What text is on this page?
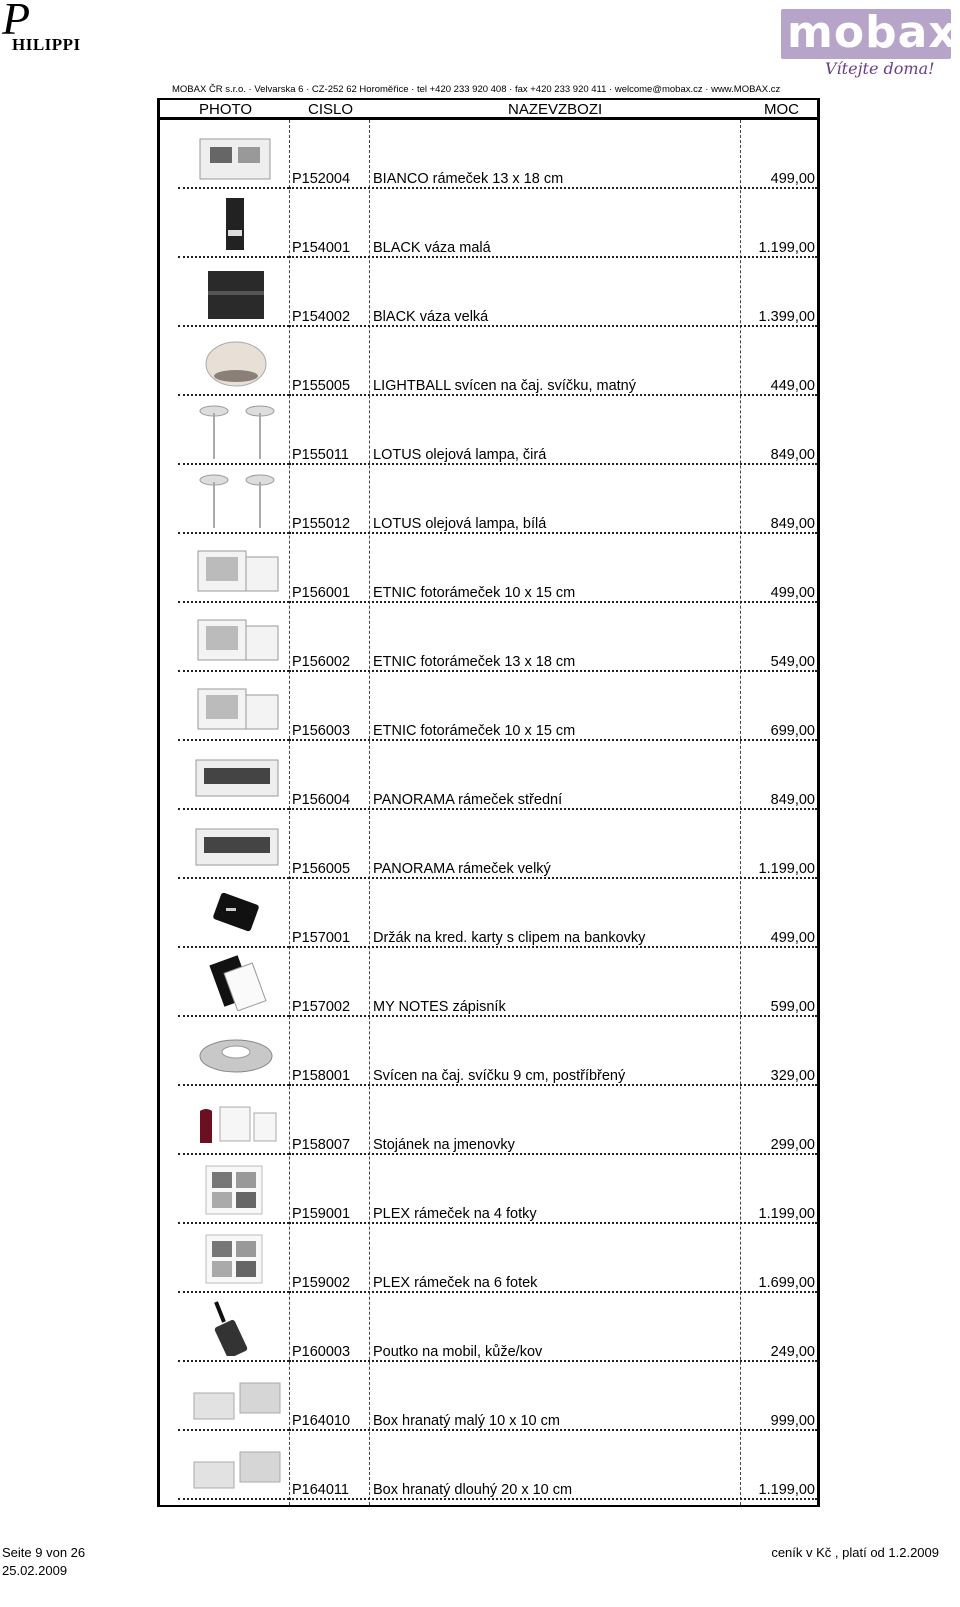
P
HILIPPI	mobax
Vítejte doma!
MOBAX ČR s.r.o. · Velvarska 6 · CZ-252 62 Horoměřice · tel +420 233 920 408 · fax +420 233 920 411 · welcome@mobax.cz · www.MOBAX.cz
PHOTO	CISLO	NAZEVZBOZI	MOC
P152004 BIANCO rámeček 13 x 18 cm	499,00
P154001 BLACK váza malá	1.199,00
P154002 BlACK váza velká	1.399,00
P155005 LIGHTBALL svícen na čaj. svíčku, matný	449,00
P155011 LOTUS olejová lampa, čirá	849,00
P155012 LOTUS olejová lampa, bílá	849,00
P156001 ETNIC fotorámeček 10 x 15 cm	499,00
P156002 ETNIC fotorámeček 13 x 18 cm	549,00
P156003 ETNIC fotorámeček 10 x 15 cm	699,00
P156004 PANORAMA rámeček střední	849,00
P156005 PANORAMA rámeček velký	1.199,00
P157001 Držák na kred. karty s clipem na bankovky	499,00
P157002 MY NOTES zápisník	599,00
P158001 Svícen na čaj. svíčku 9 cm, postříbřený	329,00
P158007 Stojánek na jmenovky	299,00
P159001 PLEX rámeček na 4 fotky	1.199,00
P159002 PLEX rámeček na 6 fotek	1.699,00
P160003 Poutko na mobil, kůže/kov	249,00
P164010 Box hranatý malý 10 x 10 cm	999,00
P164011 Box hranatý dlouhý 20 x 10 cm	1.199,00
Seite 9 von 26
25.02.2009
ceník v Kč , platí od 1.2.2009
